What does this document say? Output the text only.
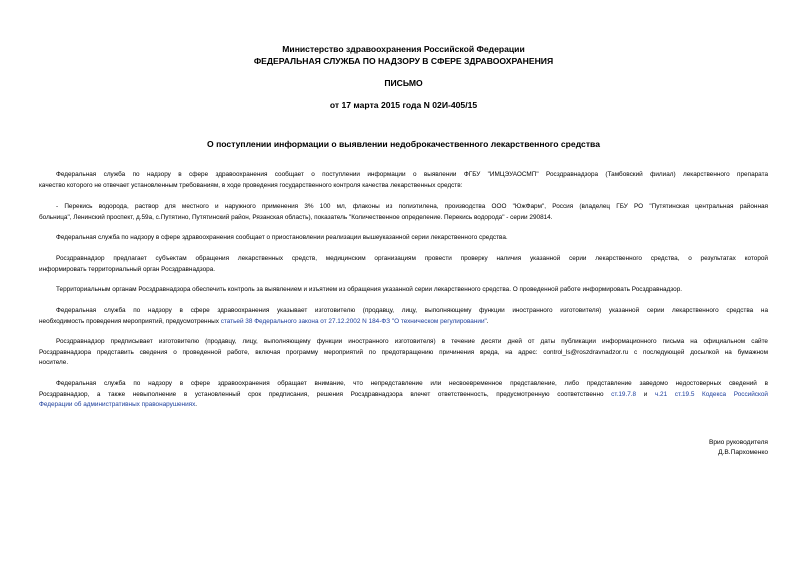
Министерство здравоохранения Российской Федерации
ФЕДЕРАЛЬНАЯ СЛУЖБА ПО НАДЗОРУ В СФЕРЕ ЗДРАВООХРАНЕНИЯ
ПИСЬМО
от 17 марта 2015 года N 02И-405/15
О поступлении информации о выявлении недоброкачественного лекарственного средства
Федеральная служба по надзору в сфере здравоохранения сообщает о поступлении информации о выявлении ФГБУ "ИМЦЭУАОСМП" Росздравнадзора (Тамбовский филиал) лекарственного препарата
качество которого не отвечает установленным требованиям, в ходе проведения государственного контроля качества лекарственных средств:
- Перекись водорода, раствор для местного и наружного применения 3% 100 мл, флаконы из полиэтилена, производства ООО "ЮжФарм", Россия (владелец ГБУ РО "Путятинская центральная районная
больница", Ленинский проспект, д.59а, с.Путятино, Путятинский район, Рязанская область), показатель "Количественное определение. Перекись водорода" - серии 290814.
Федеральная служба по надзору в сфере здравоохранения сообщает о приостановлении реализации вышеуказанной серии лекарственного средства.
Росздравнадзор предлагает субъектам обращения лекарственных средств, медицинским организациям провести проверку наличия указанной серии лекарственного средства, о результатах которой
информировать территориальный орган Росздравнадзора.
Территориальным органам Росздравнадзора обеспечить контроль за выявлением и изъятием из обращения указанной серии лекарственного средства. О проведенной работе информировать Росздравнадзор.
Федеральная служба по надзору в сфере здравоохранения указывает изготовителю (продавцу, лицу, выполняющему функции иностранного изготовителя) указанной серии лекарственного средства на
необходимость проведения мероприятий, предусмотренных статьей 38 Федерального закона от 27.12.2002 N 184-ФЗ "О техническом регулировании".
Росздравнадзор предписывает изготовителю (продавцу, лицу, выполняющему функции иностранного изготовителя) в течение десяти дней от даты публикации информационного письма на официальном сайте
Росздравнадзора представить сведения о проведенной работе, включая программу мероприятий по предотвращению причинения вреда, на адрес: control_ls@roszdravnadzor.ru с последующей досылкой на бумажном
носителе.
Федеральная служба по надзору в сфере здравоохранения обращает внимание, что непредставление или несвоевременное представление, либо представление заведомо недостоверных сведений в
Росздравнадзор, а также невыполнение в установленный срок предписания, решения Росздравнадзора влечет ответственность, предусмотренную соответственно ст.19.7.8 и ч.21 ст.19.5 Кодекса Российской
Федерации об административных правонарушениях.
Врио руководителя
Д.В.Пархоменко
